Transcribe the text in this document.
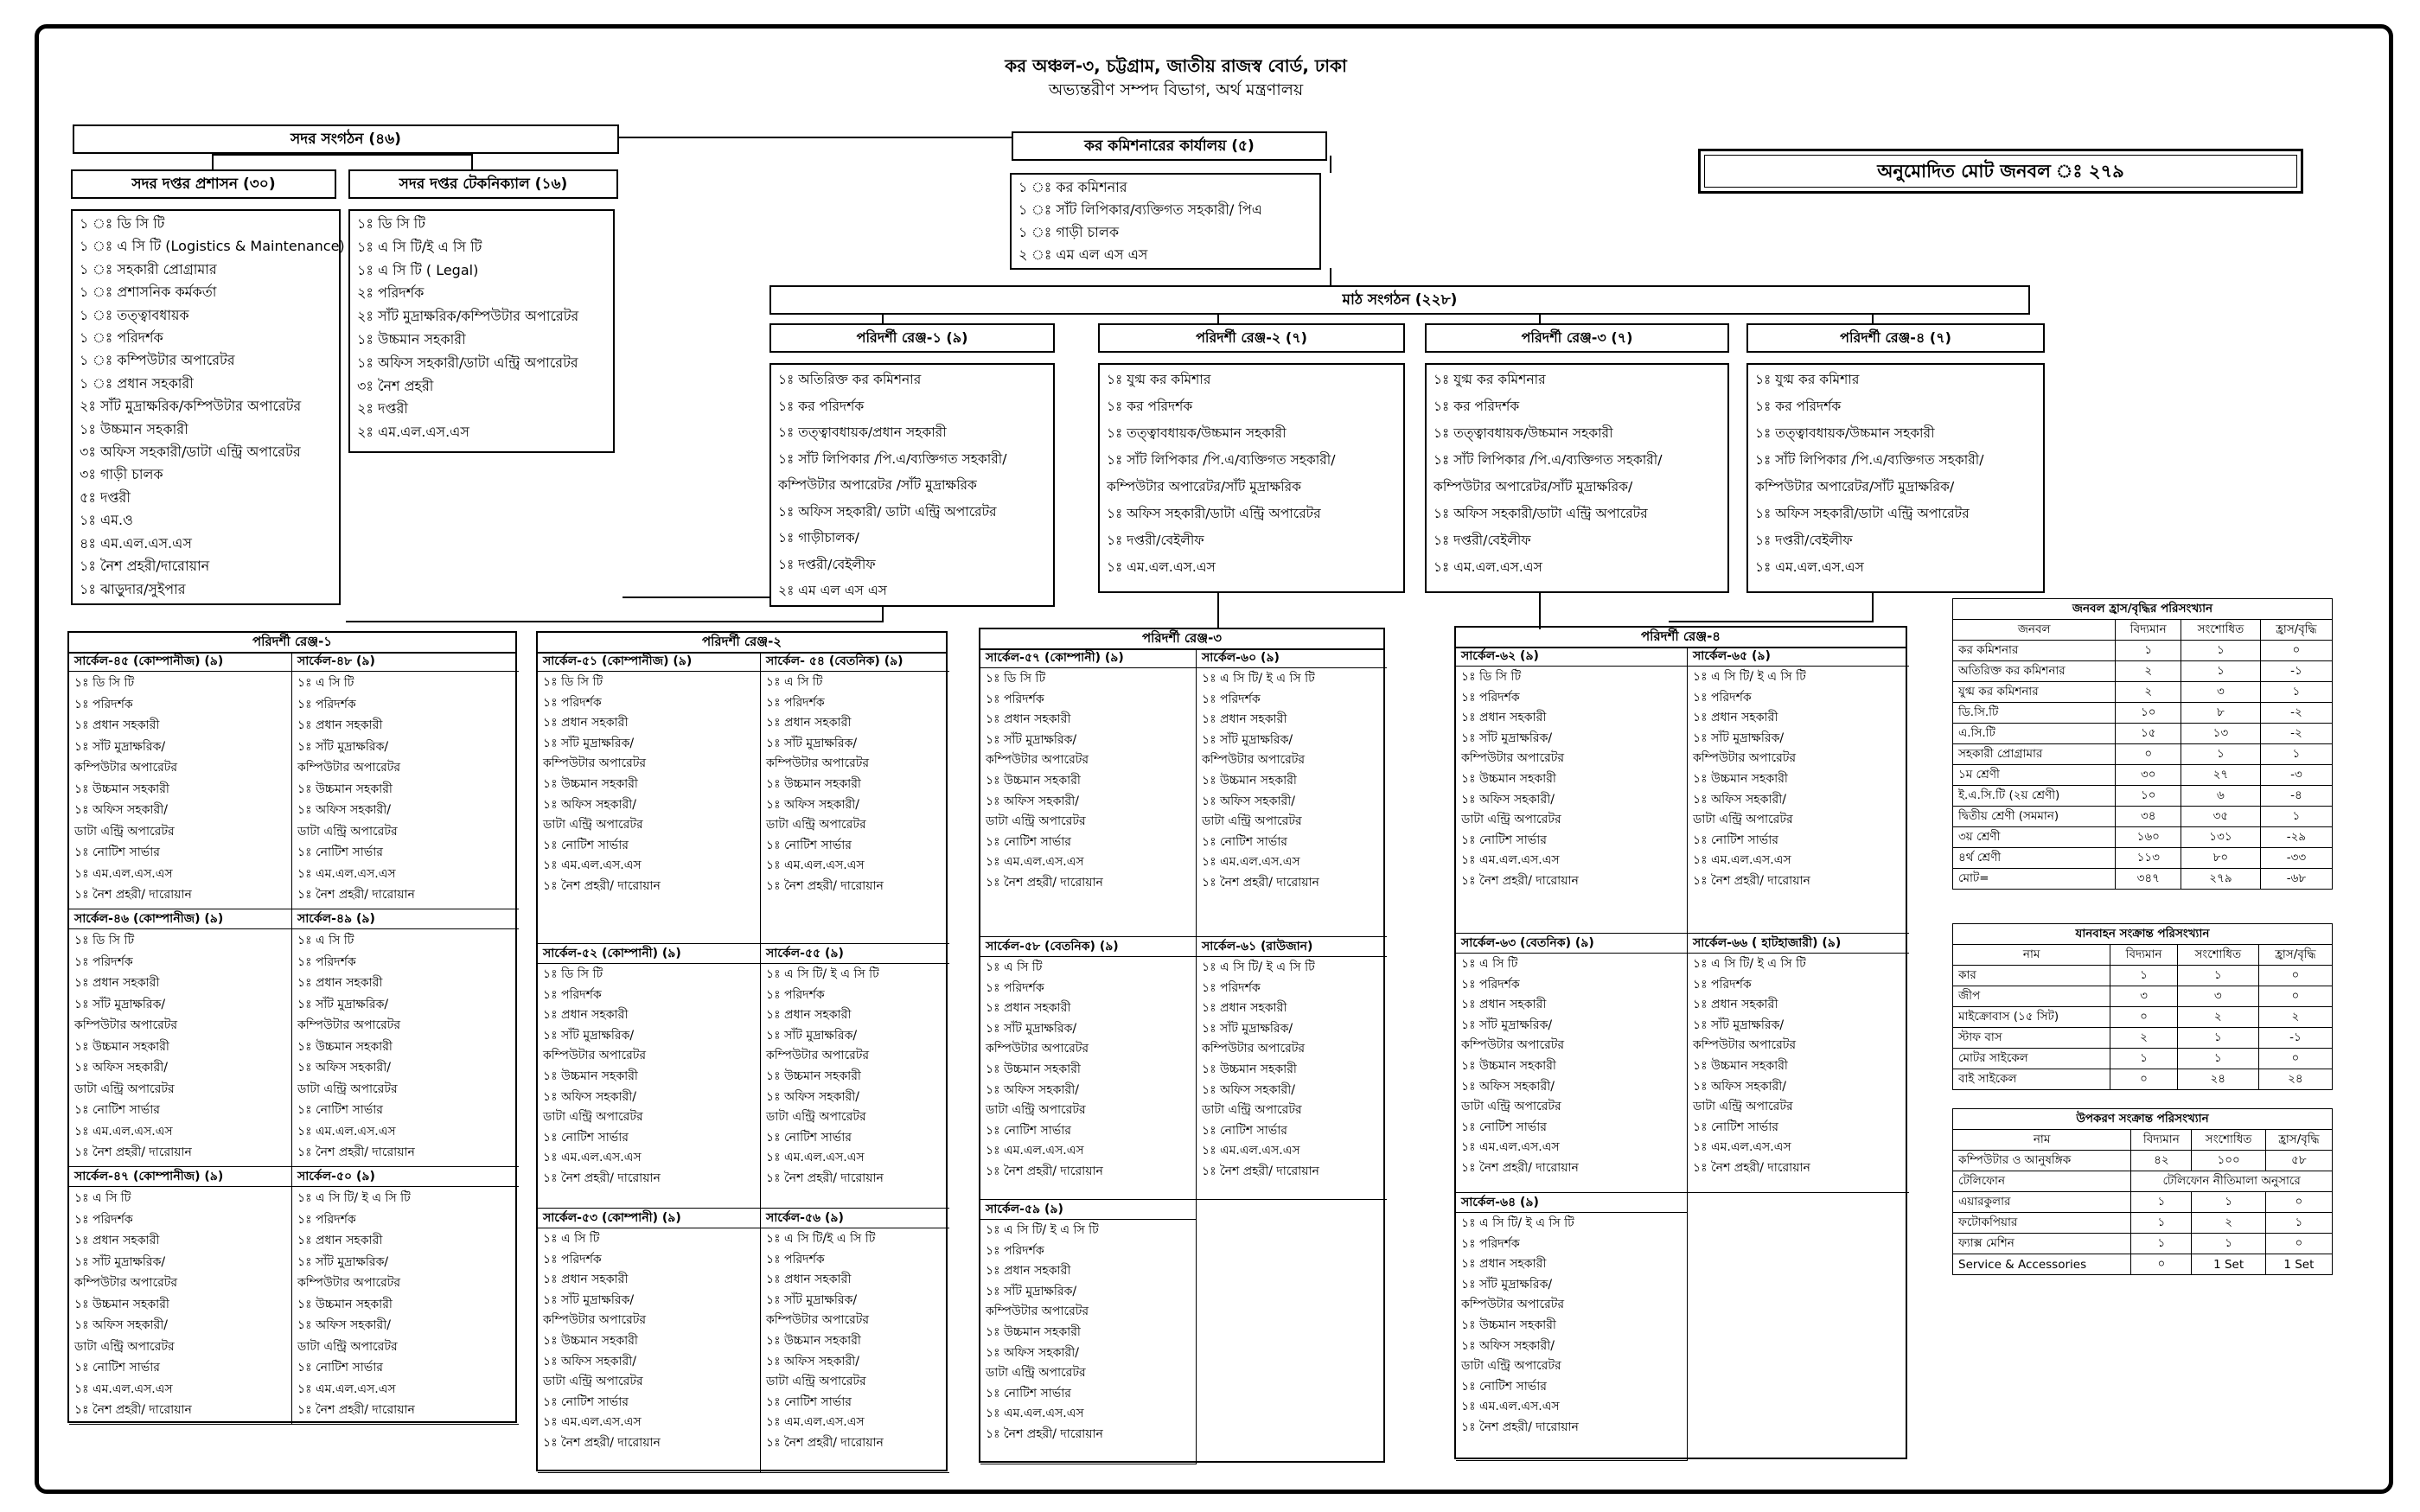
কর অঞ্চল-৩, চট্টগ্রাম, জাতীয় রাজস্ব বোর্ড, ঢাকা
অভ্যন্তরীণ সম্পদ বিভাগ, অর্থ মন্ত্রণালয়
অনুমোদিত মোট জনবল ঃ ২৭৯
সদর সংগঠন (৪৬)
সদর দপ্তর প্রশাসন (৩০)	সদর দপ্তর টেকনিক্যাল (১৬)
১ ঃ ডি সি টি
১ ঃ এ সি টি (Logistics & Maintenance)
১ ঃ সহকারী প্রোগ্রামার
১ ঃ প্রশাসনিক কর্মকর্তা
১ ঃ তত্ত্বাবধায়ক
১ ঃ পরিদর্শক
১ ঃ কম্পিউটার অপারেটর
১ ঃ প্রধান সহকারী
২ঃ সাঁট মুদ্রাক্ষরিক/কম্পিউটার অপারেটর
১ঃ উচ্চমান সহকারী
৩ঃ অফিস সহকারী/ডাটা এন্ট্রি অপারেটর
৩ঃ গাড়ী চালক
৫ঃ দপ্তরী
১ঃ এম.ও
৪ঃ এম.এল.এস.এস
১ঃ নৈশ প্রহরী/দারোয়ান
১ঃ ঝাড়ুদার/সুইপার
১ঃ ডি সি টি
১ঃ এ সি টি/ই এ সি টি
১ঃ এ সি টি ( Legal)
২ঃ পরিদর্শক
২ঃ সাঁট মুদ্রাক্ষরিক/কম্পিউটার অপারেটর
১ঃ উচ্চমান সহকারী
১ঃ অফিস সহকারী/ডাটা এন্ট্রি অপারেটর
৩ঃ নৈশ প্রহরী
২ঃ দপ্তরী
২ঃ এম.এল.এস.এস
কর কমিশনারের কার্যালয় (৫)
১ ঃ কর কমিশনার
১ ঃ সাঁট লিপিকার/ব্যক্তিগত সহকারী/ পিএ
১ ঃ গাড়ী চালক
২ ঃ এম এল এস এস
মাঠ সংগঠন (২২৮)
পরিদর্শী রেঞ্জ-১ (৯)
১ঃ অতিরিক্ত কর কমিশনার
১ঃ কর পরিদর্শক
১ঃ তত্ত্বাবধায়ক/প্রধান সহকারী
১ঃ সাঁট লিপিকার /পি.এ/ব্যক্তিগত সহকারী/
কম্পিউটার অপারেটর /সাঁট মুদ্রাক্ষরিক
১ঃ অফিস সহকারী/ ডাটা এন্ট্রি অপারেটর
১ঃ গাড়ীচালক/
১ঃ দপ্তরী/বেইলীফ
২ঃ এম এল এস এস
পরিদর্শী রেঞ্জ-২ (৭)
১ঃ যুগ্ম কর কমিশার
১ঃ কর পরিদর্শক
১ঃ তত্ত্বাবধায়ক/উচ্চমান সহকারী
১ঃ সাঁট লিপিকার /পি.এ/ব্যক্তিগত সহকারী/
কম্পিউটার অপারেটর/সাঁট মুদ্রাক্ষরিক
১ঃ অফিস সহকারী/ডাটা এন্ট্রি অপারেটর
১ঃ দপ্তরী/বেইলীফ
১ঃ এম.এল.এস.এস
পরিদর্শী রেঞ্জ-৩ (৭)
১ঃ যুগ্ম কর কমিশনার
১ঃ কর পরিদর্শক
১ঃ তত্ত্বাবধায়ক/উচ্চমান সহকারী
১ঃ সাঁট লিপিকার /পি.এ/ব্যক্তিগত সহকারী/
কম্পিউটার অপারেটর/সাঁট মুদ্রাক্ষরিক/
১ঃ অফিস সহকারী/ডাটা এন্ট্রি অপারেটর
১ঃ দপ্তরী/বেইলীফ
১ঃ এম.এল.এস.এস
পরিদর্শী রেঞ্জ-৪ (৭)
১ঃ যুগ্ম কর কমিশার
১ঃ কর পরিদর্শক
১ঃ তত্ত্বাবধায়ক/উচ্চমান সহকারী
১ঃ সাঁট লিপিকার /পি.এ/ব্যক্তিগত সহকারী/
কম্পিউটার অপারেটর/সাঁট মুদ্রাক্ষরিক/
১ঃ অফিস সহকারী/ডাটা এন্ট্রি অপারেটর
১ঃ দপ্তরী/বেইলীফ
১ঃ এম.এল.এস.এস
পরিদর্শী রেঞ্জ-১
সার্কেল-৪৫ (কোম্পানীজ) (৯)
১ঃ ডি সি টি
১ঃ পরিদর্শক
১ঃ প্রধান সহকারী
১ঃ সাঁট মুদ্রাক্ষরিক/
কম্পিউটার অপারেটর
১ঃ উচ্চমান সহকারী
১ঃ অফিস সহকারী/
ডাটা এন্ট্রি অপারেটর
১ঃ নোটিশ সার্ভার
১ঃ এম.এল.এস.এস
১ঃ নৈশ প্রহরী/ দারোয়ান
সার্কেল-৪৮ (৯)
১ঃ এ সি টি
১ঃ পরিদর্শক
১ঃ প্রধান সহকারী
১ঃ সাঁট মুদ্রাক্ষরিক/
কম্পিউটার অপারেটর
১ঃ উচ্চমান সহকারী
১ঃ অফিস সহকারী/
ডাটা এন্ট্রি অপারেটর
১ঃ নোটিশ সার্ভার
১ঃ এম.এল.এস.এস
১ঃ নৈশ প্রহরী/ দারোয়ান
সার্কেল-৪৬ (কোম্পানীজ) (৯)
১ঃ ডি সি টি
১ঃ পরিদর্শক
১ঃ প্রধান সহকারী
১ঃ সাঁট মুদ্রাক্ষরিক/
কম্পিউটার অপারেটর
১ঃ উচ্চমান সহকারী
১ঃ অফিস সহকারী/
ডাটা এন্ট্রি অপারেটর
১ঃ নোটিশ সার্ভার
১ঃ এম.এল.এস.এস
১ঃ নৈশ প্রহরী/ দারোয়ান
সার্কেল-৪৯ (৯)
১ঃ এ সি টি
১ঃ পরিদর্শক
১ঃ প্রধান সহকারী
১ঃ সাঁট মুদ্রাক্ষরিক/
কম্পিউটার অপারেটর
১ঃ উচ্চমান সহকারী
১ঃ অফিস সহকারী/
ডাটা এন্ট্রি অপারেটর
১ঃ নোটিশ সার্ভার
১ঃ এম.এল.এস.এস
১ঃ নৈশ প্রহরী/ দারোয়ান
সার্কেল-৪৭ (কোম্পানীজ) (৯)
১ঃ এ সি টি
১ঃ পরিদর্শক
১ঃ প্রধান সহকারী
১ঃ সাঁট মুদ্রাক্ষরিক/
কম্পিউটার অপারেটর
১ঃ উচ্চমান সহকারী
১ঃ অফিস সহকারী/
ডাটা এন্ট্রি অপারেটর
১ঃ নোটিশ সার্ভার
১ঃ এম.এল.এস.এস
১ঃ নৈশ প্রহরী/ দারোয়ান
সার্কেল-৫০ (৯)
১ঃ এ সি টি/ ই এ সি টি
১ঃ পরিদর্শক
১ঃ প্রধান সহকারী
১ঃ সাঁট মুদ্রাক্ষরিক/
কম্পিউটার অপারেটর
১ঃ উচ্চমান সহকারী
১ঃ অফিস সহকারী/
ডাটা এন্ট্রি অপারেটর
১ঃ নোটিশ সার্ভার
১ঃ এম.এল.এস.এস
১ঃ নৈশ প্রহরী/ দারোয়ান
পরিদর্শী রেঞ্জ-২
সার্কেল-৫১ (কোম্পানীজ) (৯)
১ঃ ডি সি টি
১ঃ পরিদর্শক
১ঃ প্রধান সহকারী
১ঃ সাঁট মুদ্রাক্ষরিক/
কম্পিউটার অপারেটর
১ঃ উচ্চমান সহকারী
১ঃ অফিস সহকারী/
ডাটা এন্ট্রি অপারেটর
১ঃ নোটিশ সার্ভার
১ঃ এম.এল.এস.এস
১ঃ নৈশ প্রহরী/ দারোয়ান
সার্কেল- ৫৪ (বেতনিক) (৯)
১ঃ এ সি টি
১ঃ পরিদর্শক
১ঃ প্রধান সহকারী
১ঃ সাঁট মুদ্রাক্ষরিক/
কম্পিউটার অপারেটর
১ঃ উচ্চমান সহকারী
১ঃ অফিস সহকারী/
ডাটা এন্ট্রি অপারেটর
১ঃ নোটিশ সার্ভার
১ঃ এম.এল.এস.এস
১ঃ নৈশ প্রহরী/ দারোয়ান
সার্কেল-৫২ (কোম্পানী) (৯)
১ঃ ডি সি টি
১ঃ পরিদর্শক
১ঃ প্রধান সহকারী
১ঃ সাঁট মুদ্রাক্ষরিক/
কম্পিউটার অপারেটর
১ঃ উচ্চমান সহকারী
১ঃ অফিস সহকারী/
ডাটা এন্ট্রি অপারেটর
১ঃ নোটিশ সার্ভার
১ঃ এম.এল.এস.এস
১ঃ নৈশ প্রহরী/ দারোয়ান
সার্কেল-৫৫ (৯)
১ঃ এ সি টি/ ই এ সি টি
১ঃ পরিদর্শক
১ঃ প্রধান সহকারী
১ঃ সাঁট মুদ্রাক্ষরিক/
কম্পিউটার অপারেটর
১ঃ উচ্চমান সহকারী
১ঃ অফিস সহকারী/
ডাটা এন্ট্রি অপারেটর
১ঃ নোটিশ সার্ভার
১ঃ এম.এল.এস.এস
১ঃ নৈশ প্রহরী/ দারোয়ান
সার্কেল-৫৩ (কোম্পানী) (৯)
১ঃ এ সি টি
১ঃ পরিদর্শক
১ঃ প্রধান সহকারী
১ঃ সাঁট মুদ্রাক্ষরিক/
কম্পিউটার অপারেটর
১ঃ উচ্চমান সহকারী
১ঃ অফিস সহকারী/
ডাটা এন্ট্রি অপারেটর
১ঃ নোটিশ সার্ভার
১ঃ এম.এল.এস.এস
১ঃ নৈশ প্রহরী/ দারোয়ান
সার্কেল-৫৬ (৯)
১ঃ এ সি টি/ই এ সি টি
১ঃ পরিদর্শক
১ঃ প্রধান সহকারী
১ঃ সাঁট মুদ্রাক্ষরিক/
কম্পিউটার অপারেটর
১ঃ উচ্চমান সহকারী
১ঃ অফিস সহকারী/
ডাটা এন্ট্রি অপারেটর
১ঃ নোটিশ সার্ভার
১ঃ এম.এল.এস.এস
১ঃ নৈশ প্রহরী/ দারোয়ান
পরিদর্শী রেঞ্জ-৩
সার্কেল-৫৭ (কোম্পানী) (৯)
১ঃ ডি সি টি
১ঃ পরিদর্শক
১ঃ প্রধান সহকারী
১ঃ সাঁট মুদ্রাক্ষরিক/
কম্পিউটার অপারেটর
১ঃ উচ্চমান সহকারী
১ঃ অফিস সহকারী/
ডাটা এন্ট্রি অপারেটর
১ঃ নোটিশ সার্ভার
১ঃ এম.এল.এস.এস
১ঃ নৈশ প্রহরী/ দারোয়ান
সার্কেল-৬০ (৯)
১ঃ এ সি টি/ ই এ সি টি
১ঃ পরিদর্শক
১ঃ প্রধান সহকারী
১ঃ সাঁট মুদ্রাক্ষরিক/
কম্পিউটার অপারেটর
১ঃ উচ্চমান সহকারী
১ঃ অফিস সহকারী/
ডাটা এন্ট্রি অপারেটর
১ঃ নোটিশ সার্ভার
১ঃ এম.এল.এস.এস
১ঃ নৈশ প্রহরী/ দারোয়ান
সার্কেল-৫৮ (বেতনিক) (৯)
১ঃ এ সি টি
১ঃ পরিদর্শক
১ঃ প্রধান সহকারী
১ঃ সাঁট মুদ্রাক্ষরিক/
কম্পিউটার অপারেটর
১ঃ উচ্চমান সহকারী
১ঃ অফিস সহকারী/
ডাটা এন্ট্রি অপারেটর
১ঃ নোটিশ সার্ভার
১ঃ এম.এল.এস.এস
১ঃ নৈশ প্রহরী/ দারোয়ান
সার্কেল-৬১ (রাউজান)
১ঃ এ সি টি/ ই এ সি টি
১ঃ পরিদর্শক
১ঃ প্রধান সহকারী
১ঃ সাঁট মুদ্রাক্ষরিক/
কম্পিউটার অপারেটর
১ঃ উচ্চমান সহকারী
১ঃ অফিস সহকারী/
ডাটা এন্ট্রি অপারেটর
১ঃ নোটিশ সার্ভার
১ঃ এম.এল.এস.এস
১ঃ নৈশ প্রহরী/ দারোয়ান
সার্কেল-৫৯ (৯)
১ঃ এ সি টি/ ই এ সি টি
১ঃ পরিদর্শক
১ঃ প্রধান সহকারী
১ঃ সাঁট মুদ্রাক্ষরিক/
কম্পিউটার অপারেটর
১ঃ উচ্চমান সহকারী
১ঃ অফিস সহকারী/
ডাটা এন্ট্রি অপারেটর
১ঃ নোটিশ সার্ভার
১ঃ এম.এল.এস.এস
১ঃ নৈশ প্রহরী/ দারোয়ান
পরিদর্শী রেঞ্জ-৪
সার্কেল-৬২ (৯)
১ঃ ডি সি টি
১ঃ পরিদর্শক
১ঃ প্রধান সহকারী
১ঃ সাঁট মুদ্রাক্ষরিক/
কম্পিউটার অপারেটর
১ঃ উচ্চমান সহকারী
১ঃ অফিস সহকারী/
ডাটা এন্ট্রি অপারেটর
১ঃ নোটিশ সার্ভার
১ঃ এম.এল.এস.এস
১ঃ নৈশ প্রহরী/ দারোয়ান
সার্কেল-৬৫ (৯)
১ঃ এ সি টি/ ই এ সি টি
১ঃ পরিদর্শক
১ঃ প্রধান সহকারী
১ঃ সাঁট মুদ্রাক্ষরিক/
কম্পিউটার অপারেটর
১ঃ উচ্চমান সহকারী
১ঃ অফিস সহকারী/
ডাটা এন্ট্রি অপারেটর
১ঃ নোটিশ সার্ভার
১ঃ এম.এল.এস.এস
১ঃ নৈশ প্রহরী/ দারোয়ান
সার্কেল-৬৩ (বেতনিক) (৯)
১ঃ এ সি টি
১ঃ পরিদর্শক
১ঃ প্রধান সহকারী
১ঃ সাঁট মুদ্রাক্ষরিক/
কম্পিউটার অপারেটর
১ঃ উচ্চমান সহকারী
১ঃ অফিস সহকারী/
ডাটা এন্ট্রি অপারেটর
১ঃ নোটিশ সার্ভার
১ঃ এম.এল.এস.এস
১ঃ নৈশ প্রহরী/ দারোয়ান
সার্কেল-৬৬ ( হাটহাজারী) (৯)
১ঃ এ সি টি/ ই এ সি টি
১ঃ পরিদর্শক
১ঃ প্রধান সহকারী
১ঃ সাঁট মুদ্রাক্ষরিক/
কম্পিউটার অপারেটর
১ঃ উচ্চমান সহকারী
১ঃ অফিস সহকারী/
ডাটা এন্ট্রি অপারেটর
১ঃ নোটিশ সার্ভার
১ঃ এম.এল.এস.এস
১ঃ নৈশ প্রহরী/ দারোয়ান
সার্কেল-৬৪ (৯)
১ঃ এ সি টি/ ই এ সি টি
১ঃ পরিদর্শক
১ঃ প্রধান সহকারী
১ঃ সাঁট মুদ্রাক্ষরিক/
কম্পিউটার অপারেটর
১ঃ উচ্চমান সহকারী
১ঃ অফিস সহকারী/
ডাটা এন্ট্রি অপারেটর
১ঃ নোটিশ সার্ভার
১ঃ এম.এল.এস.এস
১ঃ নৈশ প্রহরী/ দারোয়ান
জনবল হ্রাস/বৃদ্ধির পরিসংখ্যান			
জনবল	বিদ্যমান	সংশোধিত	হ্রাস/বৃদ্ধি
কর কমিশনার	১	১	০
অতিরিক্ত কর কমিশনার	২	১	-১
যুগ্ম কর কমিশনার	২	৩	১
ডি.সি.টি	১০	৮	-২
এ.সি.টি	১৫	১৩	-২
সহকারী প্রোগ্রামার	০	১	১
১ম শ্রেণী	৩০	২৭	-৩
ই.এ.সি.টি (২য় শ্রেণী)	১০	৬	-৪
দ্বিতীয় শ্রেণী (সমমান)	৩৪	৩৫	১
৩য় শ্রেণী	১৬০	১৩১	-২৯
৪র্থ শ্রেণী	১১৩	৮০	-৩৩
মোট=	৩৪৭	২৭৯	-৬৮
যানবাহন সংক্রান্ত পরিসংখ্যান			
নাম	বিদ্যমান	সংশোধিত	হ্রাস/বৃদ্ধি
কার	১	১	০
জীপ	৩	৩	০
মাইক্রোবাস (১৫ সিট)	০	২	২
স্টাফ বাস	২	১	-১
মোটর সাইকেল	১	১	০
বাই সাইকেল	০	২৪	২৪
উপকরণ সংক্রান্ত পরিসংখ্যান			
নাম	বিদ্যমান	সংশোধিত	হ্রাস/বৃদ্ধি
কম্পিউটার ও আনুষঙ্গিক	৪২	১০০	৫৮
টেলিফোন	টেলিফোন নীতিমালা অনুসারে		
এয়ারকুলার	১	১	০
ফটোকপিয়ার	১	২	১
ফ্যাক্স মেশিন	১	১	০
Service & Accessories	০	1 Set	1 Set
